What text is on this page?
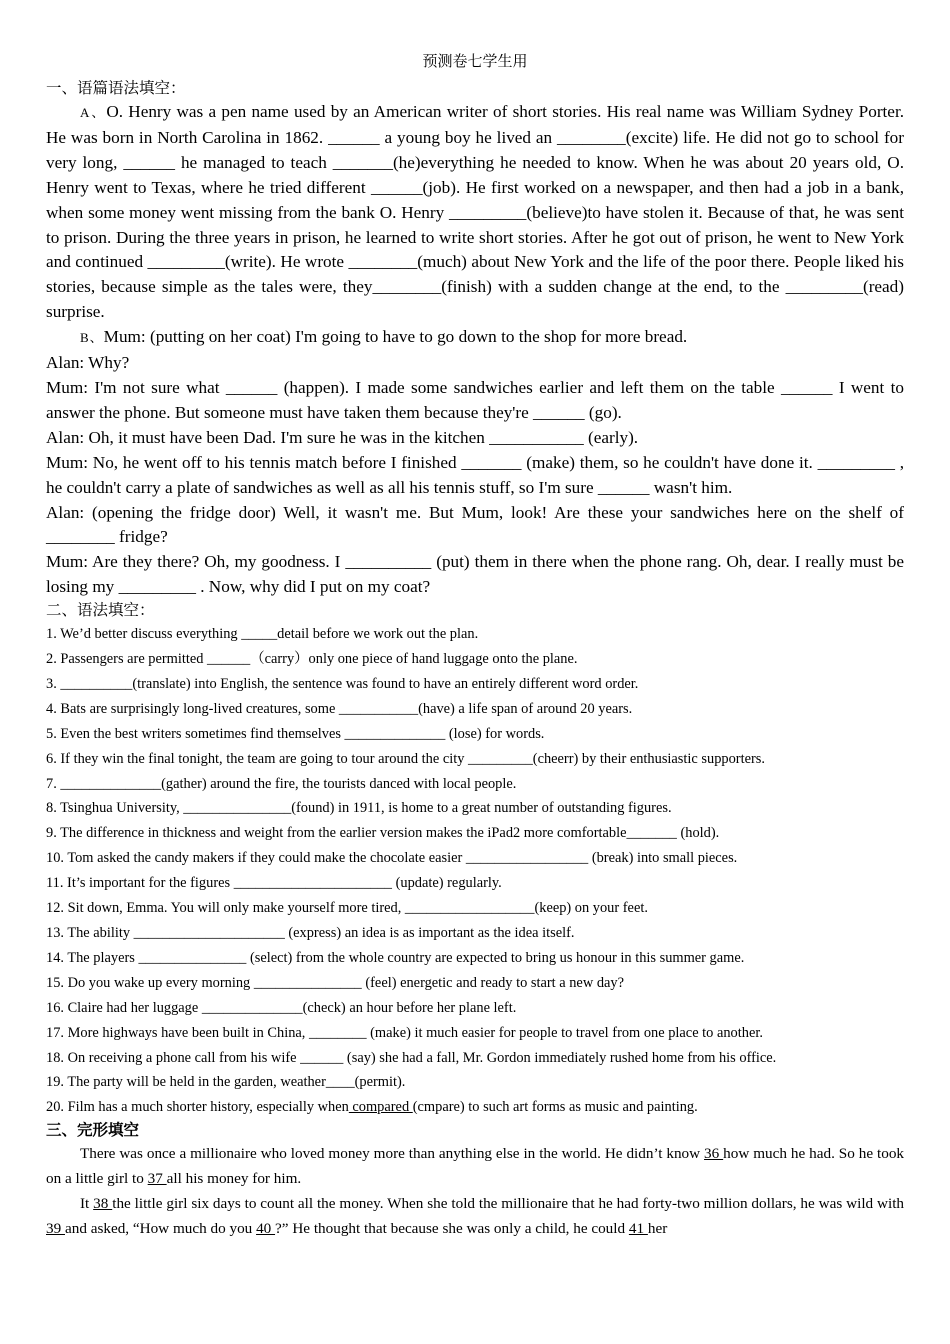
预测卷七学生用
一、语篇语法填空：

A、O. Henry was a pen name used by an American writer of short stories. His real name was William Sydney Porter. He was born in North Carolina in 1862. ______ a young boy he lived an ________(excite) life. He did not go to school for very long, ______ he managed to teach _______(he)everything he needed to know. When he was about 20 years old, O. Henry went to Texas, where he tried different ______(job). He first worked on a newspaper, and then had a job in a bank, when some money went missing from the bank O. Henry _________(believe)to have stolen it. Because of that, he was sent to prison. During the three years in prison, he learned to write short stories. After he got out of prison, he went to New York and continued _________(write). He wrote ________(much) about New York and the life of the poor there. People liked his stories, because simple as the tales were, they________(finish) with a sudden change at the end, to the _________(read) surprise.

B、Mum: (putting on her coat) I'm going to have to go down to the shop for more bread.

Alan: Why?

Mum: I'm not sure what ______ (happen). I made some sandwiches earlier and left them on the table ______ I went to answer the phone. But someone must have taken them because they're ______ (go).

Alan: Oh, it must have been Dad. I'm sure he was in the kitchen ___________ (early).

Mum: No, he went off to his tennis match before I finished _______ (make) them, so he couldn't have done it. _________ , he couldn't carry a plate of sandwiches as well as all his tennis stuff, so I'm sure ______ wasn't him.

Alan: (opening the fridge door) Well, it wasn't me. But Mum, look! Are these your sandwiches here on the shelf of ________ fridge?

Mum: Are they there? Oh, my goodness. I __________ (put) them in there when the phone rang. Oh, dear. I really must be losing my _________ . Now, why did I put on my coat?

二、语法填空：

1. We’d better discuss everything _____detail before we work out the plan.

2. Passengers are permitted ______（carry）only one piece of hand luggage onto the plane.

3. __________(translate) into English, the sentence was found to have an entirely different word order.

4. Bats are surprisingly long-lived creatures, some ___________(have) a life span of around 20 years.

5. Even the best writers sometimes find themselves ______________ (lose) for words.

6. If they win the final tonight, the team are going to tour around the city _________(cheerr) by their enthusiastic supporters.

7. ______________(gather) around the fire, the tourists danced with local people.

8. Tsinghua University, _______________(found) in 1911, is home to a great number of outstanding figures.

9. The difference in thickness and weight from the earlier version makes the iPad2 more comfortable_______ (hold).

10. Tom asked the candy makers if they could make the chocolate easier _________________ (break) into small pieces.

11. It’s important for the figures ______________________ (update) regularly.

12. Sit down, Emma. You will only make yourself more tired, __________________(keep) on your feet.

13. The ability _____________________ (express) an idea is as important as the idea itself.

14. The players _______________ (select) from the whole country are expected to bring us honour in this summer game.

15. Do you wake up every morning _______________ (feel) energetic and ready to start a new day?

16. Claire had her luggage ______________(check) an hour before her plane left.

17. More highways have been built in China, ________ (make) it much easier for people to travel from one place to another.

18. On receiving a phone call from his wife ______ (say) she had a fall, Mr. Gordon immediately rushed home from his office.

19. The party will be held in the garden, weather____(permit).

20. Film has a much shorter history, especially when compared (cmpare) to such art forms as music and painting.

三、完形填空

There was once a millionaire who loved money more than anything else in the world. He didn’t know 36 how much he had. So he took on a little girl to 37 all his money for him.

It 38 the little girl six days to count all the money. When she told the millionaire that he had forty-two million dollars, he was wild with 39 and asked, “How much do you 40 ?” He thought that because she was only a child, he could 41 her
